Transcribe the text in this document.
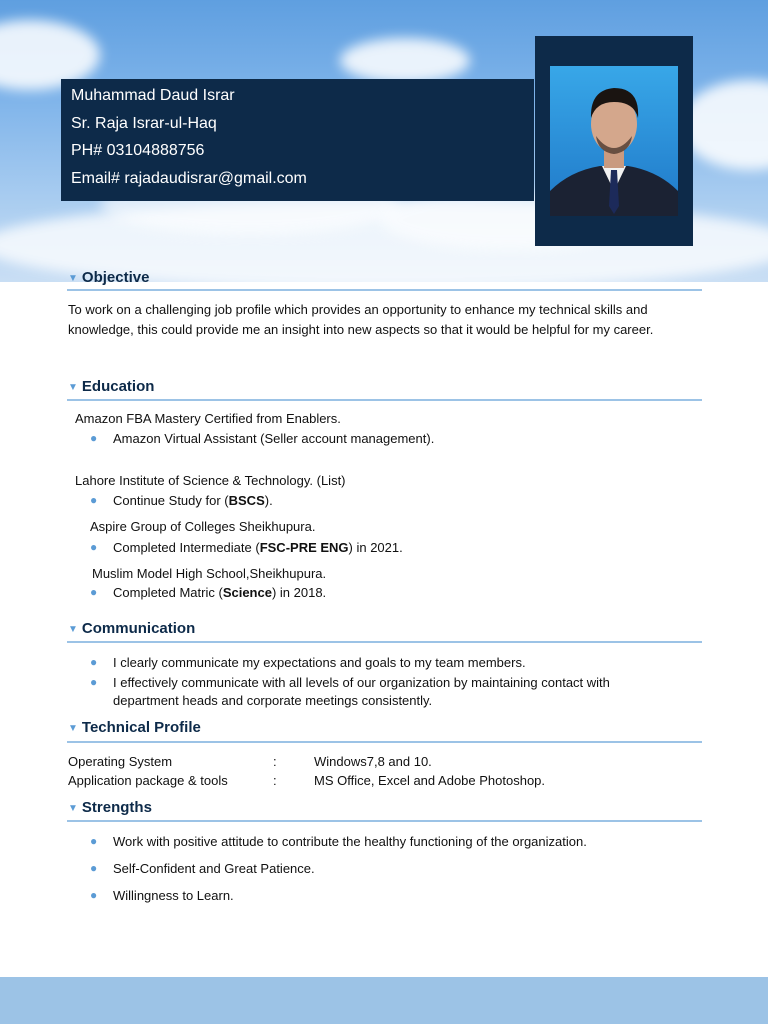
Muhammad Daud Israr
Sr. Raja Israr-ul-Haq
PH# 03104888756
Email# rajadaudisrar@gmail.com
▼ Objective
To work on a challenging job profile which provides an opportunity to enhance my technical skills and
knowledge, this could provide me an insight into new aspects so that it would be helpful for my career.
▼ Education
Amazon FBA Mastery Certified from Enablers.
● Amazon Virtual Assistant (Seller account management).
Lahore Institute of Science & Technology. (List)
● Continue Study for (BSCS).
Aspire Group of Colleges Sheikhupura.
● Completed Intermediate (FSC-PRE ENG) in 2021.
Muslim Model High School,Sheikhupura.
● Completed Matric (Science) in 2018.
▼ Communication
● I clearly communicate my expectations and goals to my team members.
● I effectively communicate with all levels of our organization by maintaining contact with
department heads and corporate meetings consistently.
▼ Technical Profile
Operating System	:	Windows7,8 and 10.
Application package & tools	:	MS Office, Excel and Adobe Photoshop.
▼ Strengths
● Work with positive attitude to contribute the healthy functioning of the organization.
● Self-Confident and Great Patience.
● Willingness to Learn.
